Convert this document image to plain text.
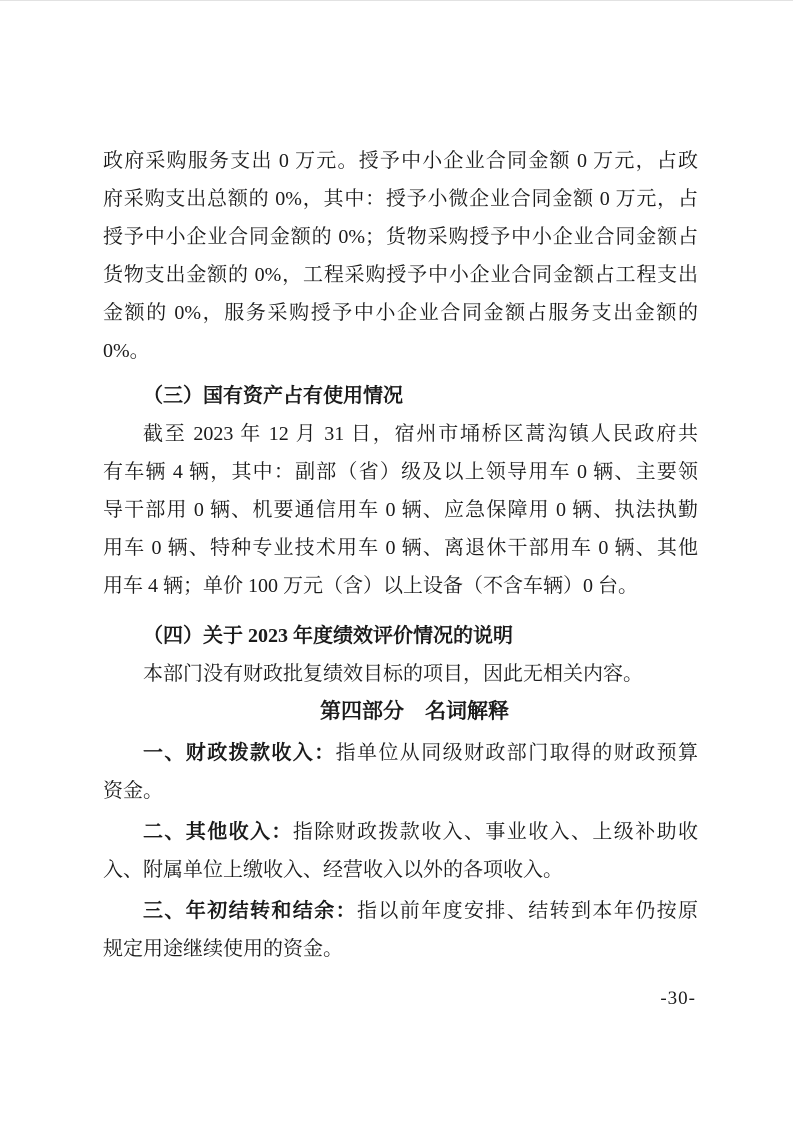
政府采购服务支出 0 万元。授予中小企业合同金额 0 万元，占政
府采购支出总额的 0%，其中：授予小微企业合同金额 0 万元，占
授予中小企业合同金额的 0%；货物采购授予中小企业合同金额占
货物支出金额的 0%，工程采购授予中小企业合同金额占工程支出
金额的 0%，服务采购授予中小企业合同金额占服务支出金额的
0%。

（三）国有资产占有使用情况

截至 2023 年 12 月 31 日，宿州市埇桥区蒿沟镇人民政府共
有车辆 4 辆，其中：副部（省）级及以上领导用车 0 辆、主要领
导干部用 0 辆、机要通信用车 0 辆、应急保障用 0 辆、执法执勤
用车 0 辆、特种专业技术用车 0 辆、离退休干部用车 0 辆、其他
用车 4 辆；单价 100 万元（含）以上设备（不含车辆）0 台。

（四）关于 2023 年度绩效评价情况的说明

本部门没有财政批复绩效目标的项目，因此无相关内容。

第四部分　名词解释

一、财政拨款收入：指单位从同级财政部门取得的财政预算
资金。

二、其他收入：指除财政拨款收入、事业收入、上级补助收
入、附属单位上缴收入、经营收入以外的各项收入。

三、年初结转和结余：指以前年度安排、结转到本年仍按原
规定用途继续使用的资金。

-30-
